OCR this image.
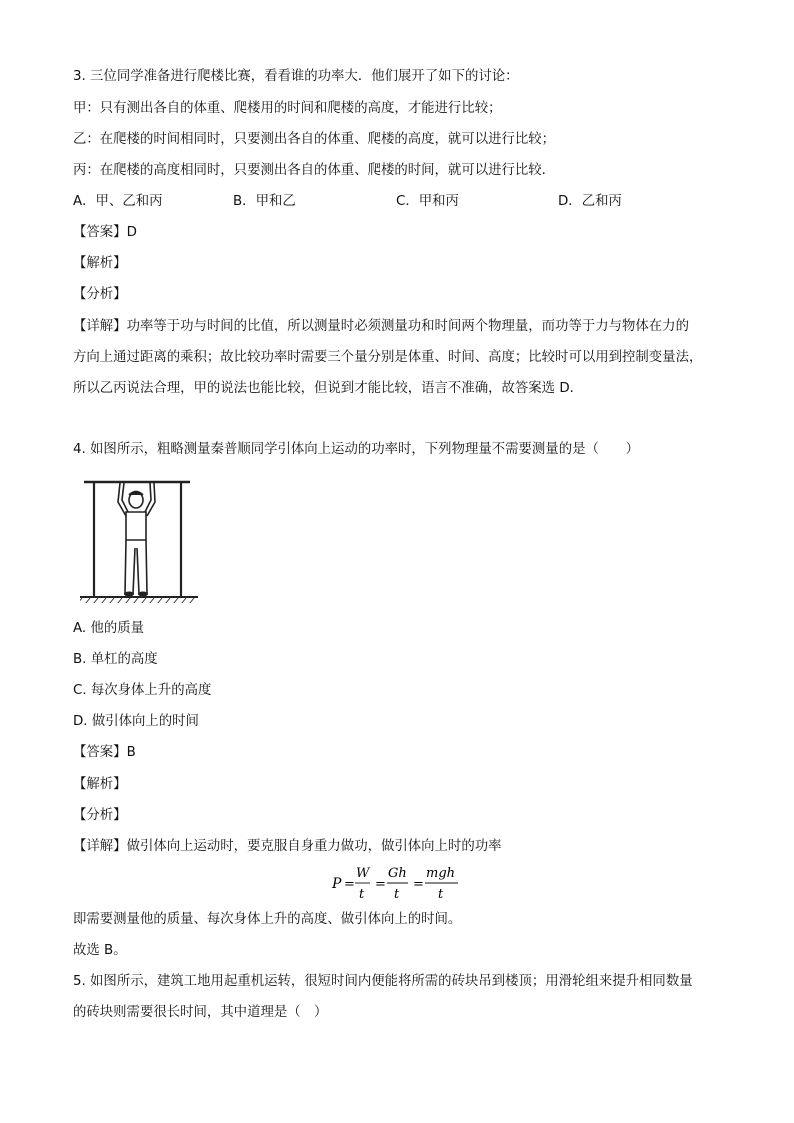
3. 三位同学准备进行爬楼比赛，看看谁的功率大．他们展开了如下的讨论：
甲：只有测出各自的体重、爬楼用的时间和爬楼的高度，才能进行比较；
乙：在爬楼的时间相同时，只要测出各自的体重、爬楼的高度，就可以进行比较；
丙：在爬楼的高度相同时，只要测出各自的体重、爬楼的时间，就可以进行比较．
A．甲、乙和丙	B．甲和乙	C．甲和丙	D．乙和丙
【答案】D
【解析】
【分析】
【详解】功率等于功与时间的比值，所以测量时必须测量功和时间两个物理量，而功等于力与物体在力的
方向上通过距离的乘积；故比较功率时需要三个量分别是体重、时间、高度；比较时可以用到控制变量法，
所以乙丙说法合理，甲的说法也能比较，但说到才能比较，语言不准确，故答案选 D．
4. 如图所示，粗略测量秦普顺同学引体向上运动的功率时，下列物理量不需要测量的是（　　）
A. 他的质量
B. 单杠的高度
C. 每次身体上升的高度
D. 做引体向上的时间
【答案】B
【解析】
【分析】
【详解】做引体向上运动时，要克服自身重力做功，做引体向上时的功率
P =
W
t
=
Gh
t
=
mgh
t
即需要测量他的质量、每次身体上升的高度、做引体向上的时间。
故选 B。
5. 如图所示，建筑工地用起重机运转，很短时间内便能将所需的砖块吊到楼顶；用滑轮组来提升相同数量
的砖块则需要很长时间，其中道理是（　）
